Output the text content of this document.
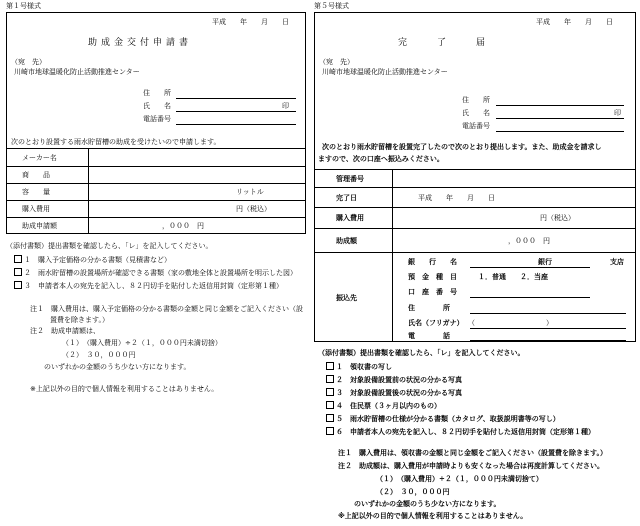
第１号様式
平成　　年　　月　　日
助成金交付申請書
（宛　先）
川崎市地球温暖化防止活動推進センター
住　　所
氏　　名	印
電話番号
次のとおり設置する雨水貯留槽の助成を受けたいので申請します。
メーカー名
商　　品
容　　量	リットル
購入費用	円（税込）
助成申請額	，０００　円
（添付書類）提出書類を確認したら、「レ」を記入してください。
１　購入予定価格の分かる書類（見積書など）
２　雨水貯留槽の設置場所が確認できる書類（家の敷地全体と設置場所を明示した図）
３　申請者本人の宛先を記入し、８２円切手を貼付した返信用封筒（定形第１種）
注１　購入費用は、購入予定価格の分かる書類の金額と同じ金額をご記入ください（設
置費を除きます。）
注２　助成申請額は、
（１）　（購入費用）÷２（１，０００円未満切捨）
（２）　３０，０００円
のいずれかの金額のうち少ない方になります。
※上記以外の目的で個人情報を利用することはありません。
第５号様式
平成　　年　　月　　日
完　　了　　届
（宛　先）
川崎市地球温暖化防止活動推進センター
住　　所
氏　　名	印
電話番号
次のとおり雨水貯留槽を設置完了したので次のとおり提出します。また、助成金を請求し
ますので、次の口座へ振込みください。
管理番号
完了日	平成　　年　　月　　日
購入費用	円（税込）
助成額	，０００　円
振込先
銀　　行　　名	銀行	支店
預　金　種　目	１．普通　　２．当座
口　座　番　号
住　　　　所
氏名（フリガナ） （	）
電　　　　話
（添付書類）提出書類を確認したら、「レ」を記入してください。
１　領収書の写し
２　対象設備設置前の状況の分かる写真
３　対象設備設置後の状況の分かる写真
４　住民票（３ヶ月以内のもの）
５　雨水貯留槽の仕様が分かる書類（カタログ、取扱説明書等の写し）
６　申請者本人の宛先を記入し、８２円切手を貼付した返信用封筒（定形第１種）
注１　購入費用は、領収書の金額と同じ金額をご記入ください（設置費を除きます。）
注２　助成額は、購入費用が申請時よりも安くなった場合は再度計算してください。
（１）　（購入費用）÷２（１，０００円未満切捨て）
（２）　３０，０００円
のいずれかの金額のうち少ない方になります。
※上記以外の目的で個人情報を利用することはありません。
